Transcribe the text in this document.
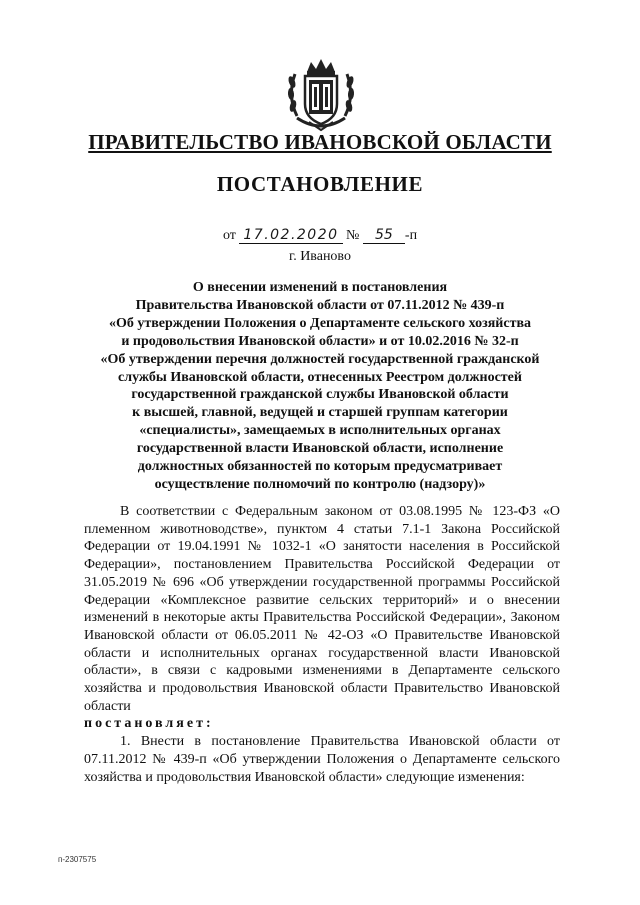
ПРАВИТЕЛЬСТВО ИВАНОВСКОЙ ОБЛАСТИ
ПОСТАНОВЛЕНИЕ
от 17.02.2020 № 55 -п
г. Иваново
О внесении изменений в постановления
Правительства Ивановской области от 07.11.2012 № 439-п
«Об утверждении Положения о Департаменте сельского хозяйства
и продовольствия Ивановской области» и от 10.02.2016 № 32-п
«Об утверждении перечня должностей государственной гражданской
службы Ивановской области, отнесенных Реестром должностей
государственной гражданской службы Ивановской области
к высшей, главной, ведущей и старшей группам категории
«специалисты», замещаемых в исполнительных органах
государственной власти Ивановской области, исполнение
должностных обязанностей по которым предусматривает
осуществление полномочий по контролю (надзору)»

В соответствии с Федеральным законом от 03.08.1995 № 123-ФЗ «О племенном животноводстве», пунктом 4 статьи 7.1-1 Закона Российской Федерации от 19.04.1991 № 1032-1 «О занятости населения в Российской Федерации», постановлением Правительства Российской Федерации от 31.05.2019 № 696 «Об утверждении государственной программы Российской Федерации «Комплексное развитие сельских территорий» и о внесении изменений в некоторые акты Правительства Российской Федерации», Законом Ивановской области от 06.05.2011 № 42-ОЗ «О Правительстве Ивановской области и исполнительных органах государственной власти Ивановской области», в связи с кадровыми изменениями в Департаменте сельского хозяйства и продовольствия Ивановской области Правительство Ивановской области

постановляет:

1. Внести в постановление Правительства Ивановской области от 07.11.2012 № 439-п «Об утверждении Положения о Департаменте сельского хозяйства и продовольствия Ивановской области» следующие изменения:

п-2307575
